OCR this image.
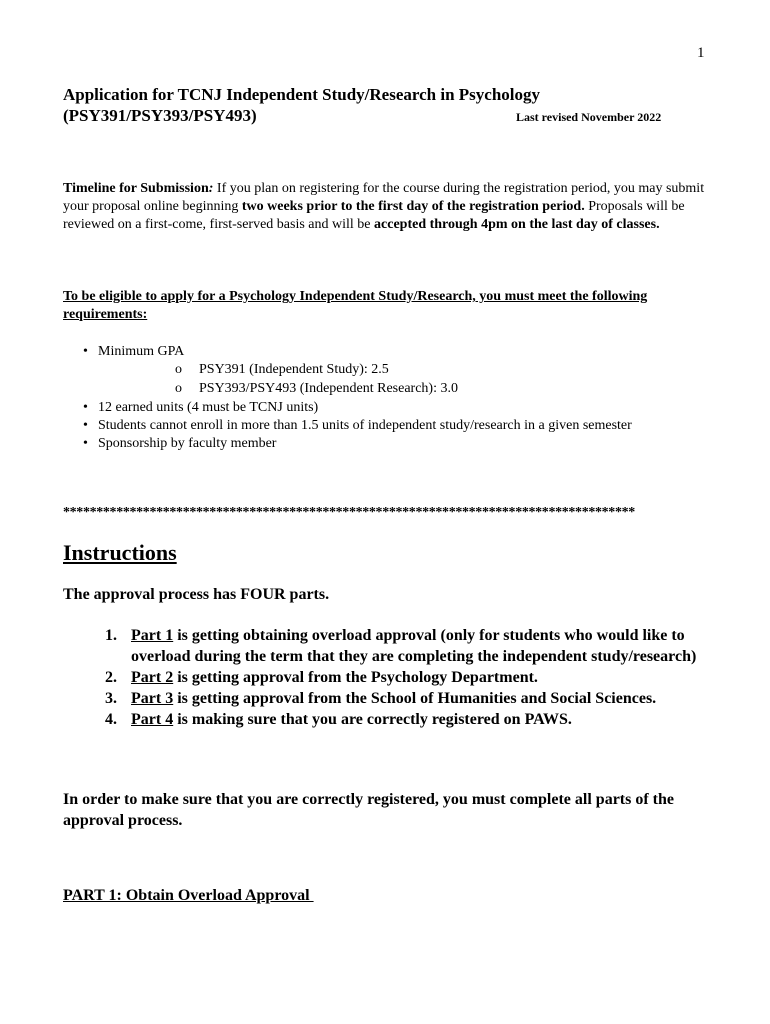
1
Application for TCNJ Independent Study/Research in Psychology
(PSY391/PSY393/PSY493)	Last revised November 2022
Timeline for Submission: If you plan on registering for the course during the registration period, you may submit your proposal online beginning two weeks prior to the first day of the registration period. Proposals will be reviewed on a first-come, first-served basis and will be accepted through 4pm on the last day of classes.
To be eligible to apply for a Psychology Independent Study/Research, you must meet the following requirements:
• Minimum GPA
o PSY391 (Independent Study): 2.5
o PSY393/PSY493 (Independent Research): 3.0
• 12 earned units (4 must be TCNJ units)
• Students cannot enroll in more than 1.5 units of independent study/research in a given semester
• Sponsorship by faculty member
**************************************************************************************
Instructions
The approval process has FOUR parts.
1. Part 1 is getting obtaining overload approval (only for students who would like to overload during the term that they are completing the independent study/research)
2. Part 2 is getting approval from the Psychology Department.
3. Part 3 is getting approval from the School of Humanities and Social Sciences.
4. Part 4 is making sure that you are correctly registered on PAWS.
In order to make sure that you are correctly registered, you must complete all parts of the approval process.
PART 1: Obtain Overload Approval
